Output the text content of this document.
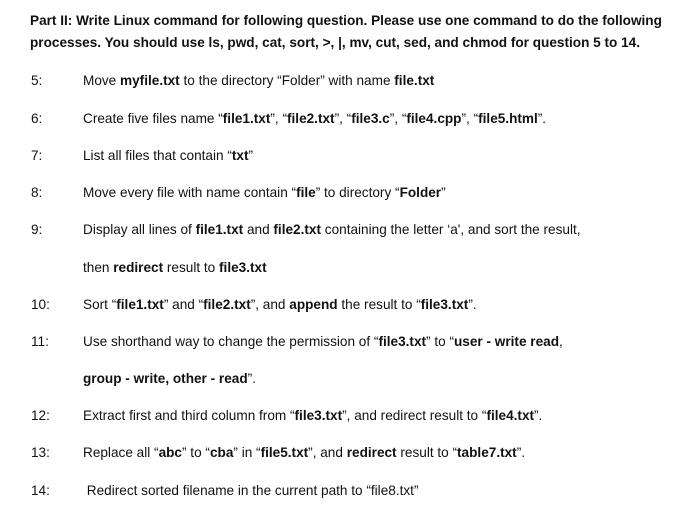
Part II: Write Linux command for following question. Please use one command to do the following
processes. You should use ls, pwd, cat, sort, >, |, mv, cut, sed, and chmod for question 5 to 14.
5:	Move myfile.txt to the directory “Folder” with name file.txt
6:	Create five files name “file1.txt”, “file2.txt”, “file3.c”, “file4.cpp”, “file5.html”.
7:	List all files that contain “txt”
8:	Move every file with name contain “file” to directory “Folder”
9:	Display all lines of file1.txt and file2.txt containing the letter ‘a', and sort the result,
then redirect result to file3.txt
10: Sort “file1.txt” and “file2.txt”, and append the result to “file3.txt”.
11:	Use shorthand way to change the permission of “file3.txt” to “user - write read,
group - write, other - read”.
12: Extract first and third column from “file3.txt”, and redirect result to “file4.txt”.
13: Replace all “abc” to “cba” in “file5.txt”, and redirect result to “table7.txt”.
14: Redirect sorted filename in the current path to “file8.txt”
